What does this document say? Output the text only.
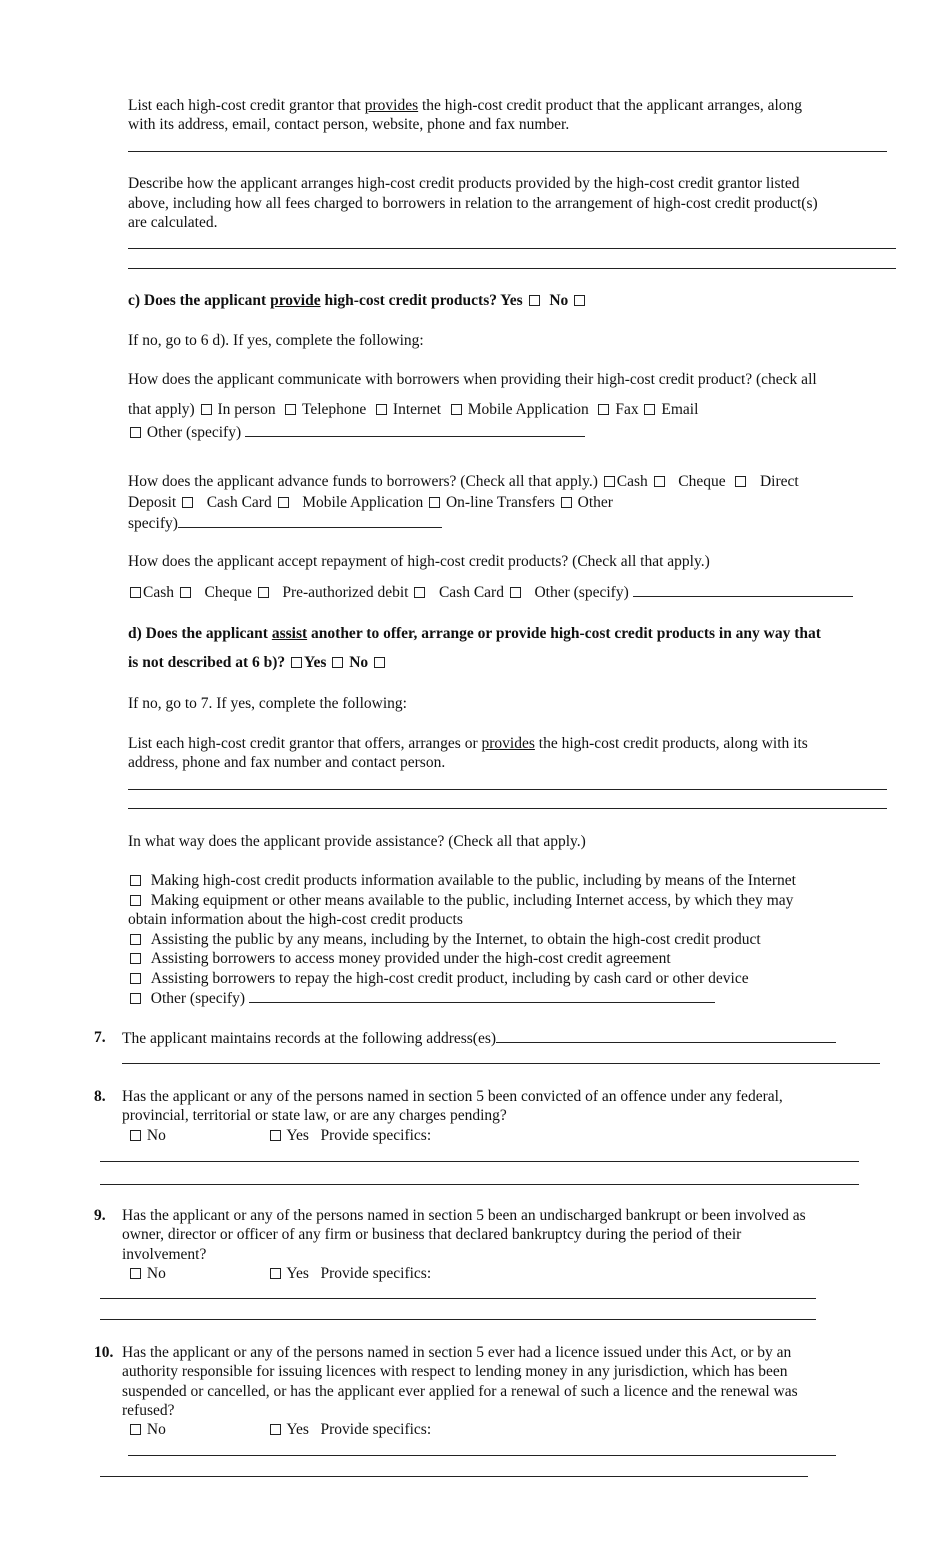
List each high-cost credit grantor that provides the high-cost credit product that the applicant arranges, along
with its address, email, contact person, website, phone and fax number.
Describe how the applicant arranges high-cost credit products provided by the high-cost credit grantor listed
above, including how all fees charged to borrowers in relation to the arrangement of high-cost credit product(s)
are calculated.
c) Does the applicant provide high-cost credit products? Yes No
If no, go to 6 d). If yes, complete the following:
How does the applicant communicate with borrowers when providing their high-cost credit product? (check all
that apply) In person Telephone Internet Mobile Application Fax Email
Other (specify)
How does the applicant advance funds to borrowers? (Check all that apply.) Cash Cheque Direct
Deposit Cash Card Mobile Application On-line Transfers Other
specify)
How does the applicant accept repayment of high-cost credit products? (Check all that apply.)
Cash Cheque Pre-authorized debit Cash Card Other (specify)
d) Does the applicant assist another to offer, arrange or provide high-cost credit products in any way that
is not described at 6 b)? Yes No
If no, go to 7. If yes, complete the following:
List each high-cost credit grantor that offers, arranges or provides the high-cost credit products, along with its
address, phone and fax number and contact person.
In what way does the applicant provide assistance? (Check all that apply.)
Making high-cost credit products information available to the public, including by means of the Internet
Making equipment or other means available to the public, including Internet access, by which they may
obtain information about the high-cost credit products
Assisting the public by any means, including by the Internet, to obtain the high-cost credit product
Assisting borrowers to access money provided under the high-cost credit agreement
Assisting borrowers to repay the high-cost credit product, including by cash card or other device
Other (specify)
7. The applicant maintains records at the following address(es)
8. Has the applicant or any of the persons named in section 5 been convicted of an offence under any federal,
provincial, territorial or state law, or are any charges pending?
No	Yes Provide specifics:
9. Has the applicant or any of the persons named in section 5 been an undischarged bankrupt or been involved as
owner, director or officer of any firm or business that declared bankruptcy during the period of their
involvement?
No	Yes Provide specifics:
10. Has the applicant or any of the persons named in section 5 ever had a licence issued under this Act, or by an
authority responsible for issuing licences with respect to lending money in any jurisdiction, which has been
suspended or cancelled, or has the applicant ever applied for a renewal of such a licence and the renewal was
refused?
No	Yes Provide specifics:
